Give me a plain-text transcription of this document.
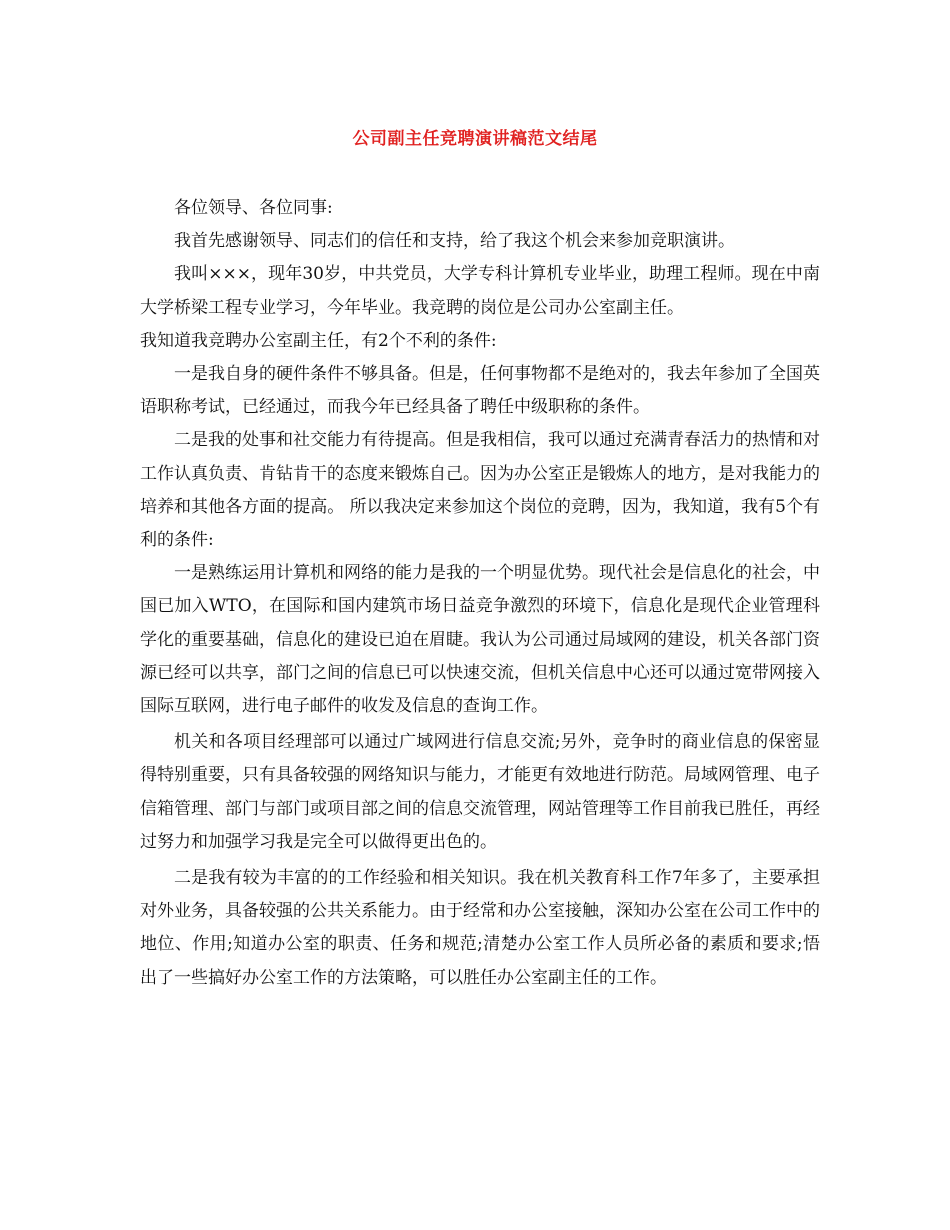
公司副主任竞聘演讲稿范文结尾

各位领导、各位同事:

我首先感谢领导、同志们的信任和支持，给了我这个机会来参加竞职演讲。

我叫×××，现年30岁，中共党员，大学专科计算机专业毕业，助理工程师。现在中南大学桥梁工程专业学习，今年毕业。我竞聘的岗位是公司办公室副主任。

我知道我竞聘办公室副主任，有2个不利的条件:

一是我自身的硬件条件不够具备。但是，任何事物都不是绝对的，我去年参加了全国英语职称考试，已经通过，而我今年已经具备了聘任中级职称的条件。

二是我的处事和社交能力有待提高。但是我相信，我可以通过充满青春活力的热情和对工作认真负责、肯钻肯干的态度来锻炼自己。因为办公室正是锻炼人的地方，是对我能力的培养和其他各方面的提高。 所以我决定来参加这个岗位的竞聘，因为，我知道，我有5个有利的条件:

一是熟练运用计算机和网络的能力是我的一个明显优势。现代社会是信息化的社会，中国已加入WTO，在国际和国内建筑市场日益竞争激烈的环境下，信息化是现代企业管理科学化的重要基础，信息化的建设已迫在眉睫。我认为公司通过局域网的建设，机关各部门资源已经可以共享，部门之间的信息已可以快速交流，但机关信息中心还可以通过宽带网接入国际互联网，进行电子邮件的收发及信息的查询工作。

机关和各项目经理部可以通过广域网进行信息交流;另外，竞争时的商业信息的保密显得特别重要，只有具备较强的网络知识与能力，才能更有效地进行防范。局域网管理、电子信箱管理、部门与部门或项目部之间的信息交流管理，网站管理等工作目前我已胜任，再经过努力和加强学习我是完全可以做得更出色的。

二是我有较为丰富的的工作经验和相关知识。我在机关教育科工作7年多了，主要承担对外业务，具备较强的公共关系能力。由于经常和办公室接触，深知办公室在公司工作中的地位、作用;知道办公室的职责、任务和规范;清楚办公室工作人员所必备的素质和要求;悟出了一些搞好办公室工作的方法策略，可以胜任办公室副主任的工作。
